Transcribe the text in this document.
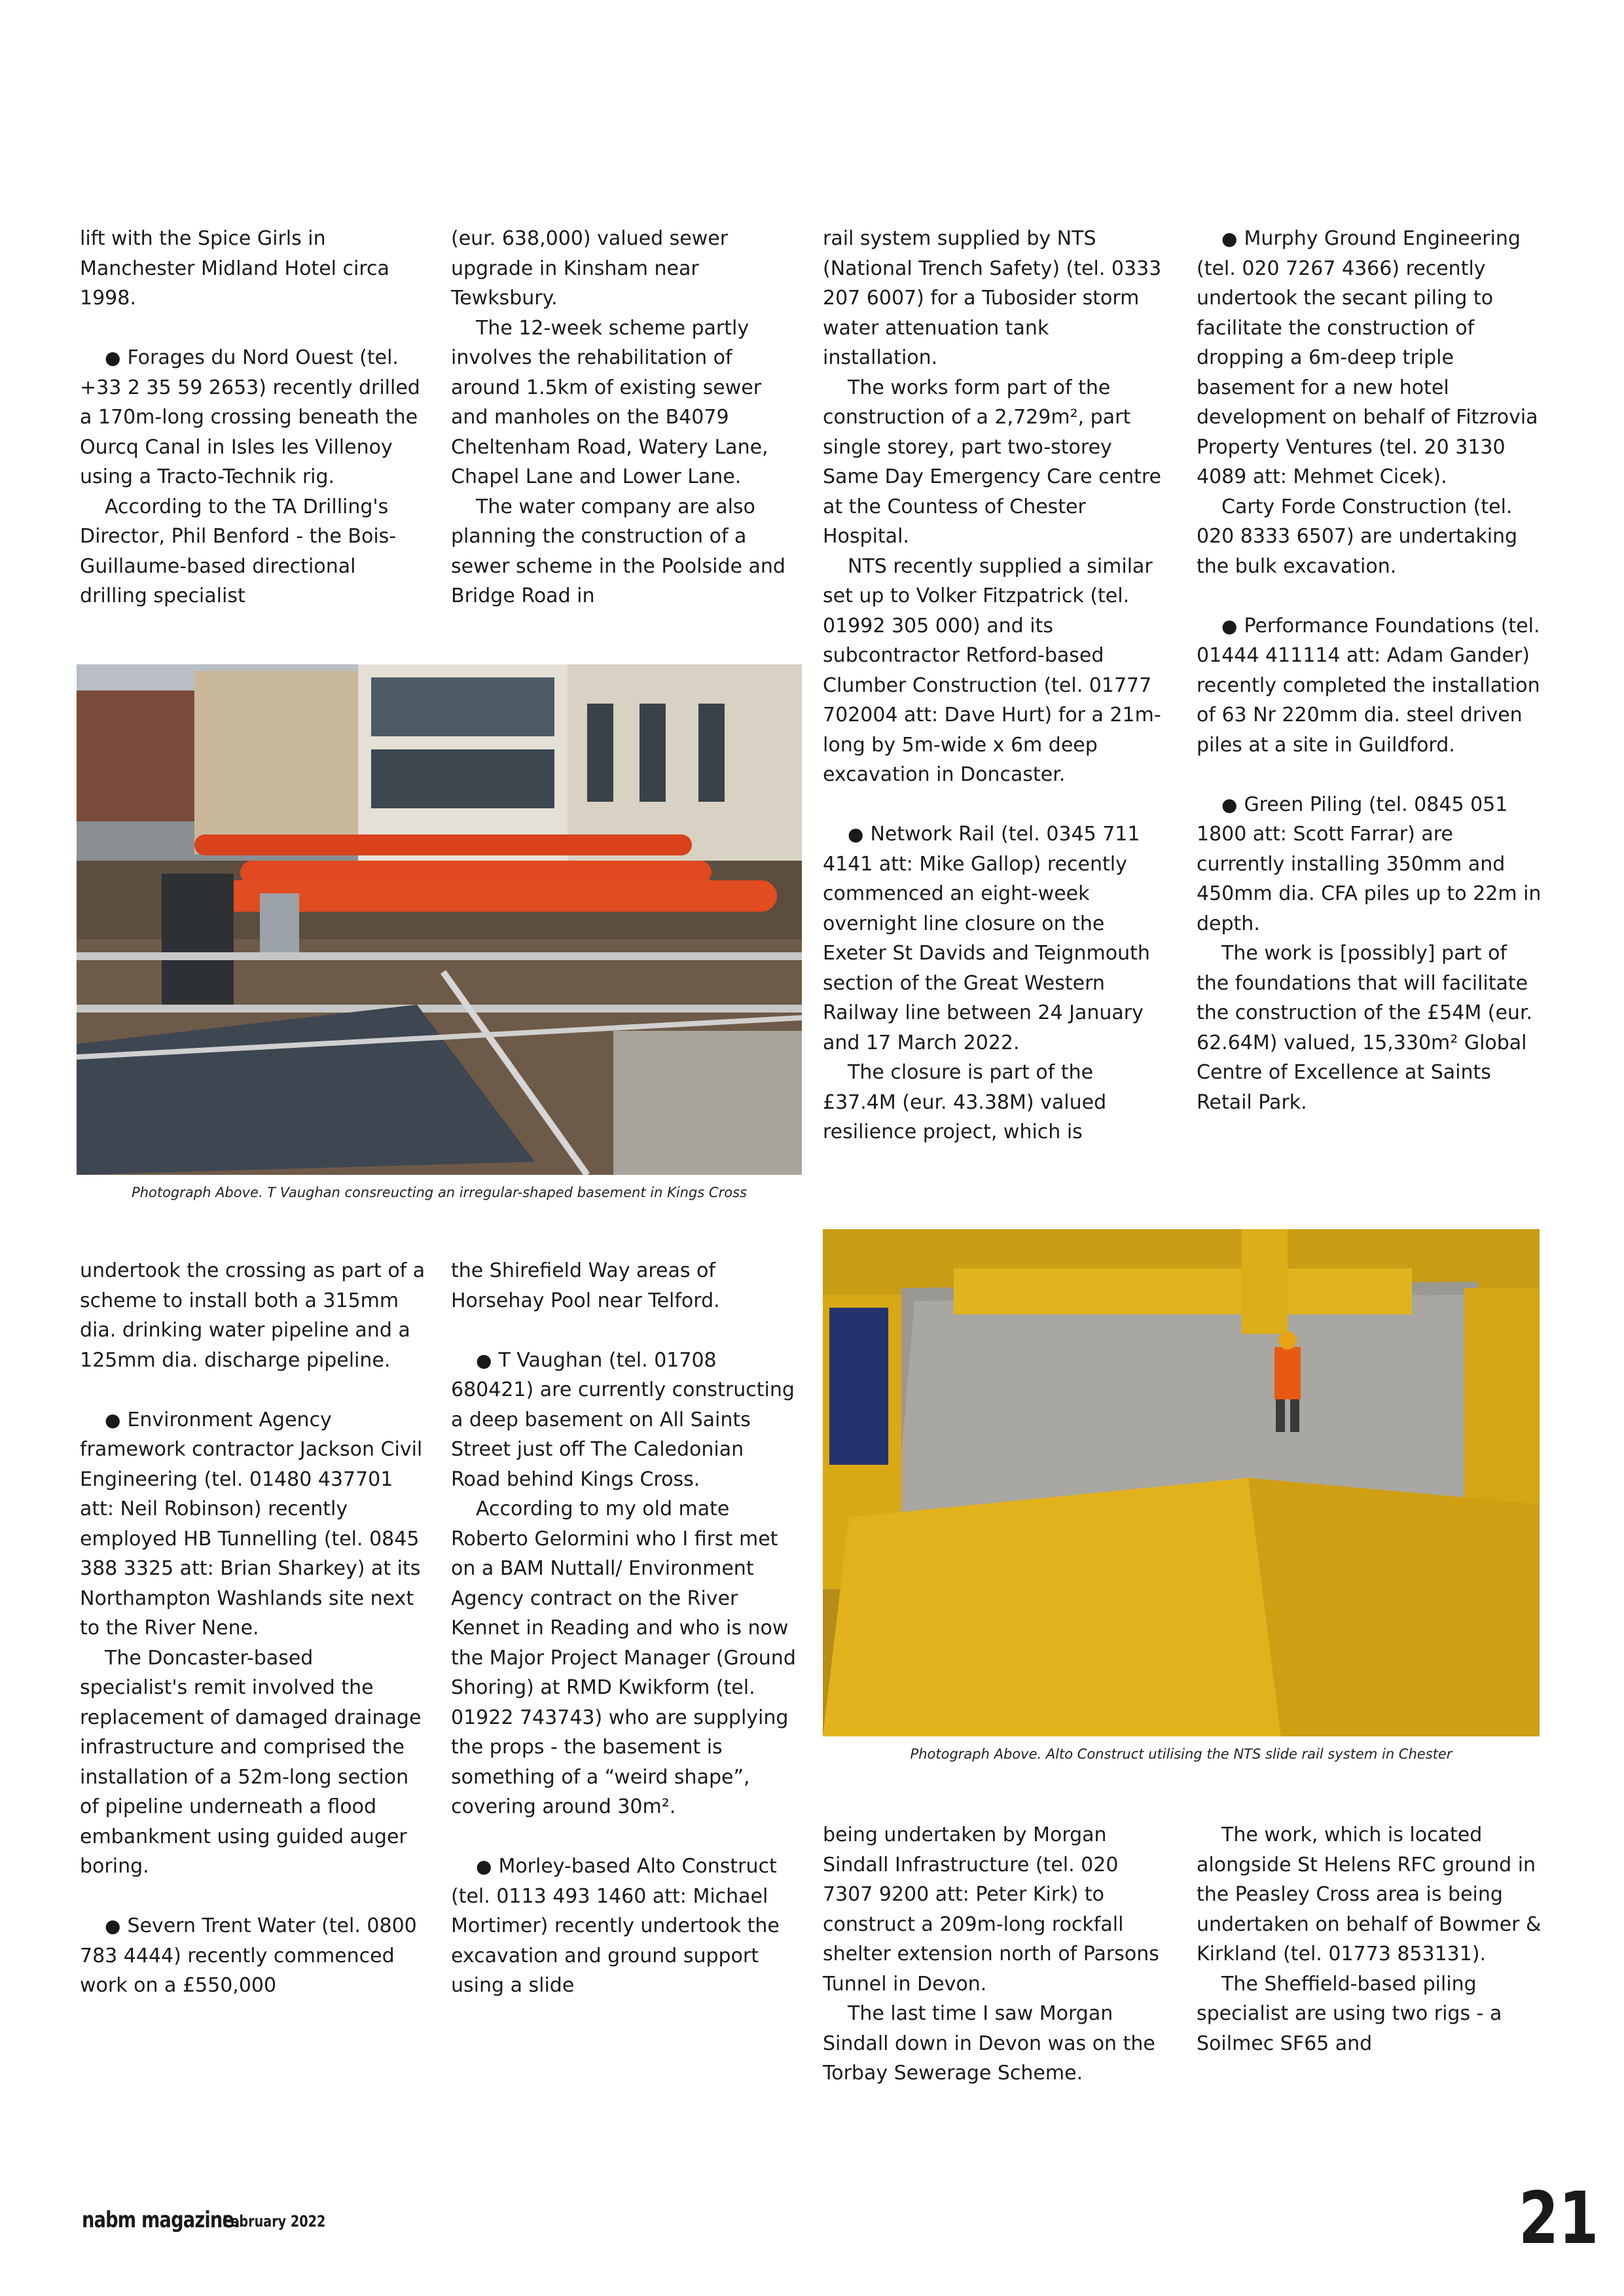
lift with the Spice Girls in Manchester Midland Hotel circa 1998.

● Forages du Nord Ouest (tel. +33 2 35 59 2653) recently drilled a 170m-long crossing beneath the Ourcq Canal in Isles les Villenoy using a Tracto-Technik rig.

According to the TA Drilling's Director, Phil Benford - the Bois-Guillaume-based directional drilling specialist

(eur. 638,000) valued sewer upgrade in Kinsham near Tewksbury.

The 12-week scheme partly involves the rehabilitation of around 1.5km of existing sewer and manholes on the B4079 Cheltenham Road, Watery Lane, Chapel Lane and Lower Lane.

The water company are also planning the construction of a sewer scheme in the Poolside and Bridge Road in

rail system supplied by NTS (National Trench Safety) (tel. 0333 207 6007) for a Tubosider storm water attenuation tank installation.

The works form part of the construction of a 2,729m², part single storey, part two-storey Same Day Emergency Care centre at the Countess of Chester Hospital.

NTS recently supplied a similar set up to Volker Fitzpatrick (tel. 01992 305 000) and its subcontractor Retford-based Clumber Construction (tel. 01777 702004 att: Dave Hurt) for a 21m-long by 5m-wide x 6m deep excavation in Doncaster.

● Network Rail (tel. 0345 711 4141 att: Mike Gallop) recently commenced an eight-week overnight line closure on the Exeter St Davids and Teignmouth section of the Great Western Railway line between 24 January and 17 March 2022.

The closure is part of the £37.4M (eur. 43.38M) valued resilience project, which is

● Murphy Ground Engineering (tel. 020 7267 4366) recently undertook the secant piling to facilitate the construction of dropping a 6m-deep triple basement for a new hotel development on behalf of Fitzrovia Property Ventures (tel. 20 3130 4089 att: Mehmet Cicek).

Carty Forde Construction (tel. 020 8333 6507) are undertaking the bulk excavation.

● Performance Foundations (tel. 01444 411114 att: Adam Gander) recently completed the installation of 63 Nr 220mm dia. steel driven piles at a site in Guildford.

● Green Piling (tel. 0845 051 1800 att: Scott Farrar) are currently installing 350mm and 450mm dia. CFA piles up to 22m in depth.

The work is [possibly] part of the foundations that will facilitate the construction of the £54M (eur. 62.64M) valued, 15,330m² Global Centre of Excellence at Saints Retail Park.

Photograph Above. T Vaughan consreucting an irregular-shaped basement in Kings Cross
Photograph Above. Alto Construct utilising the NTS slide rail system in Chester

undertook the crossing as part of a scheme to install both a 315mm dia. drinking water pipeline and a 125mm dia. discharge pipeline.

● Environment Agency framework contractor Jackson Civil Engineering (tel. 01480 437701 att: Neil Robinson) recently employed HB Tunnelling (tel. 0845 388 3325 att: Brian Sharkey) at its Northampton Washlands site next to the River Nene.

The Doncaster-based specialist's remit involved the replacement of damaged drainage infrastructure and comprised the installation of a 52m-long section of pipeline underneath a flood embankment using guided auger boring.

● Severn Trent Water (tel. 0800 783 4444) recently commenced work on a £550,000

the Shirefield Way areas of Horsehay Pool near Telford.

● T Vaughan (tel. 01708 680421) are currently constructing a deep basement on All Saints Street just off The Caledonian Road behind Kings Cross.

According to my old mate Roberto Gelormini who I first met on a BAM Nuttall/ Environment Agency contract on the River Kennet in Reading and who is now the Major Project Manager (Ground Shoring) at RMD Kwikform (tel. 01922 743743) who are supplying the props - the basement is something of a “weird shape”, covering around 30m².

● Morley-based Alto Construct (tel. 0113 493 1460 att: Michael Mortimer) recently undertook the excavation and ground support using a slide

being undertaken by Morgan Sindall Infrastructure (tel. 020 7307 9200 att: Peter Kirk) to construct a 209m-long rockfall shelter extension north of Parsons Tunnel in Devon.

The last time I saw Morgan Sindall down in Devon was on the Torbay Sewerage Scheme.

The work, which is located alongside St Helens RFC ground in the Peasley Cross area is being undertaken on behalf of Bowmer & Kirkland (tel. 01773 853131).

The Sheffield-based piling specialist are using two rigs - a Soilmec SF65 and

nabm magazine.
February 2022	21
